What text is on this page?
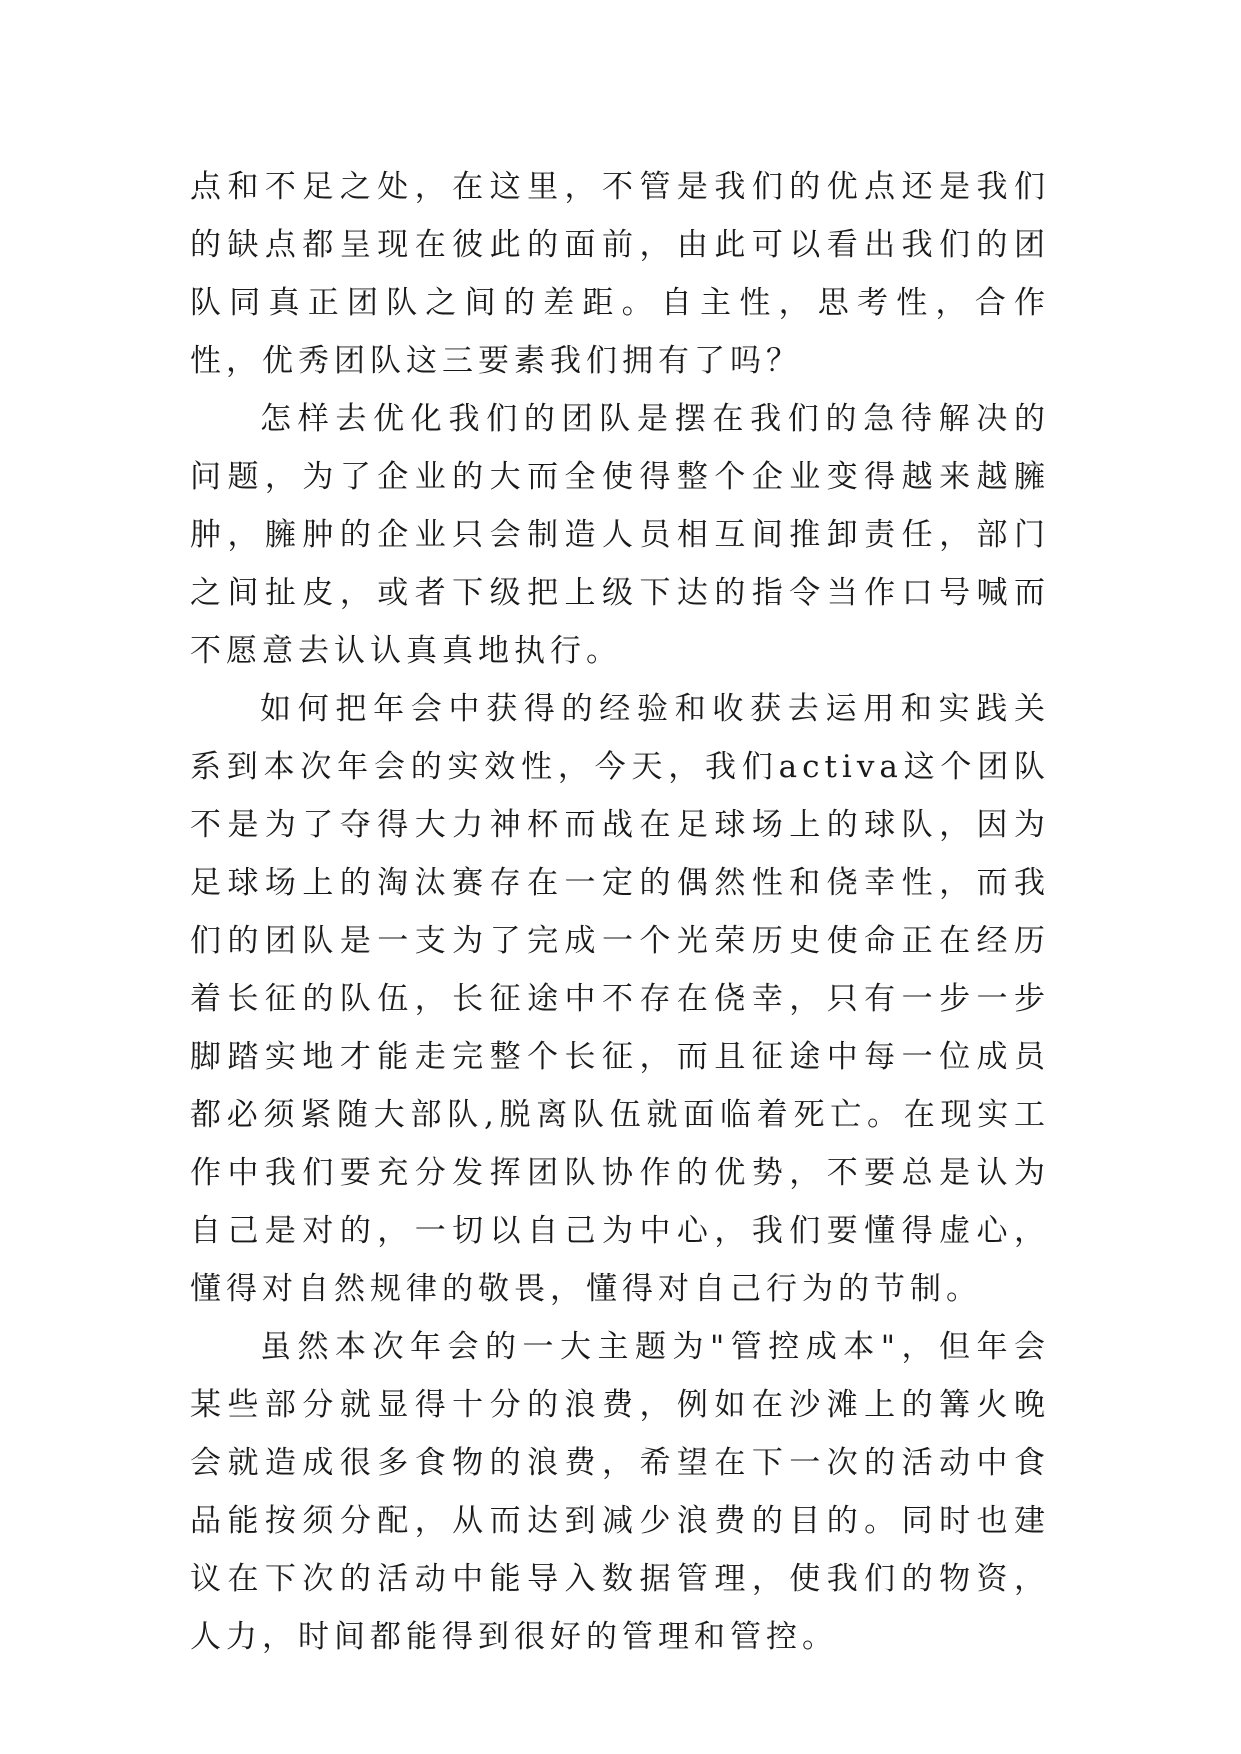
点和不足之处，在这里，不管是我们的优点还是我们的缺点都呈现在彼此的面前，由此可以看出我们的团队同真正团队之间的差距。自主性，思考性，合作性，优秀团队这三要素我们拥有了吗？

怎样去优化我们的团队是摆在我们的急待解决的问题，为了企业的大而全使得整个企业变得越来越臃肿，臃肿的企业只会制造人员相互间推卸责任，部门之间扯皮，或者下级把上级下达的指令当作口号喊而不愿意去认认真真地执行。

如何把年会中获得的经验和收获去运用和实践关系到本次年会的实效性，今天，我们activa这个团队不是为了夺得大力神杯而战在足球场上的球队，因为足球场上的淘汰赛存在一定的偶然性和侥幸性，而我们的团队是一支为了完成一个光荣历史使命正在经历着长征的队伍，长征途中不存在侥幸，只有一步一步脚踏实地才能走完整个长征，而且征途中每一位成员都必须紧随大部队,脱离队伍就面临着死亡。在现实工作中我们要充分发挥团队协作的优势，不要总是认为自己是对的，一切以自己为中心，我们要懂得虚心，懂得对自然规律的敬畏，懂得对自己行为的节制。

虽然本次年会的一大主题为"管控成本"，但年会某些部分就显得十分的浪费，例如在沙滩上的篝火晚会就造成很多食物的浪费，希望在下一次的活动中食品能按须分配，从而达到减少浪费的目的。同时也建议在下次的活动中能导入数据管理，使我们的物资，人力，时间都能得到很好的管理和管控。
